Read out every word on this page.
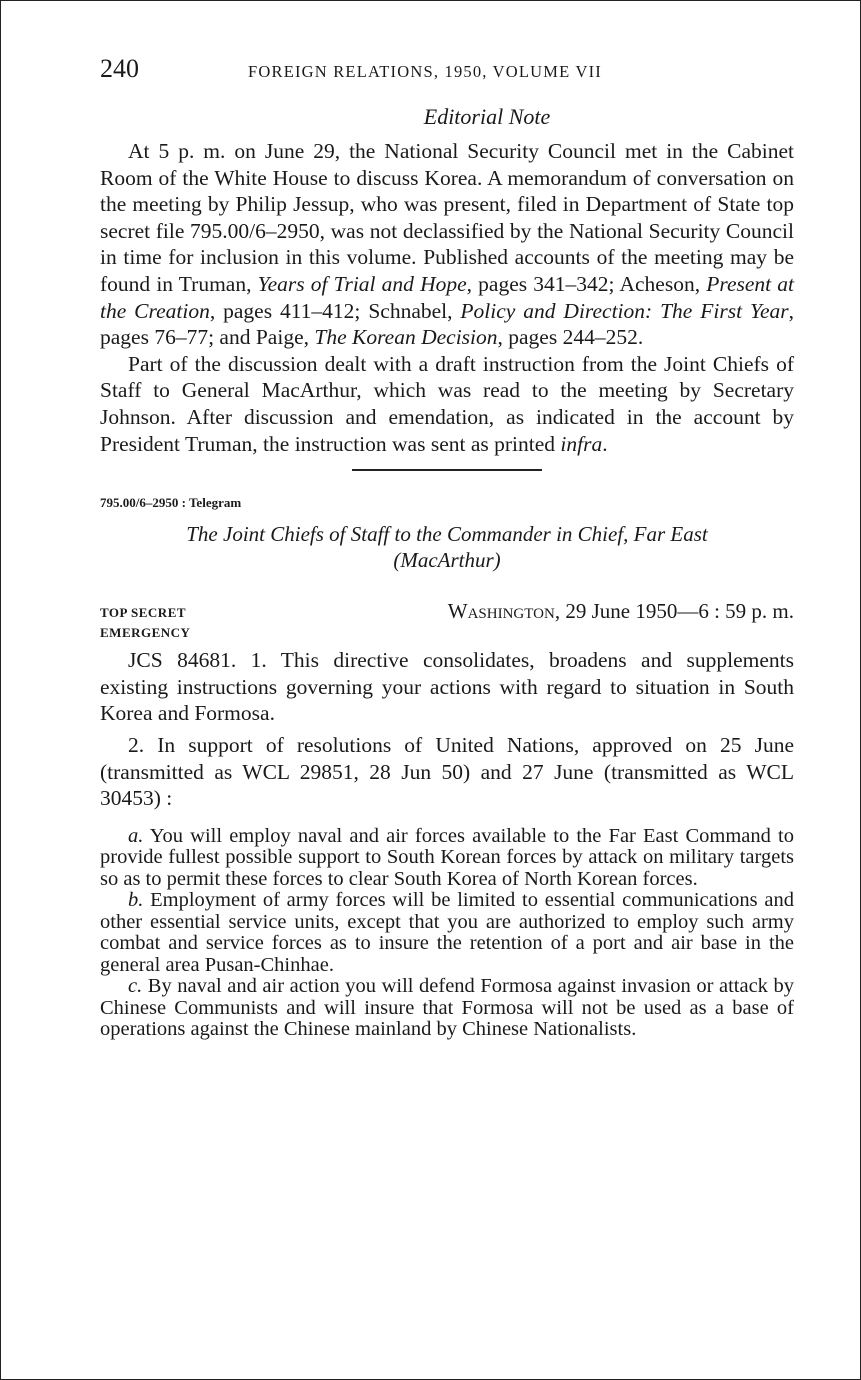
240	FOREIGN RELATIONS, 1950, VOLUME VII
Editorial Note

At 5 p. m. on June 29, the National Security Council met in the Cabinet Room of the White House to discuss Korea. A memorandum of conversation on the meeting by Philip Jessup, who was present, filed in Department of State top secret file 795.00/6–2950, was not declassified by the National Security Council in time for inclusion in this volume. Published accounts of the meeting may be found in Truman, Years of Trial and Hope, pages 341–342; Acheson, Present at the Creation, pages 411–412; Schnabel, Policy and Direction: The First Year, pages 76–77; and Paige, The Korean Decision, pages 244–252.

Part of the discussion dealt with a draft instruction from the Joint Chiefs of Staff to General MacArthur, which was read to the meeting by Secretary Johnson. After discussion and emendation, as indicated in the account by President Truman, the instruction was sent as printed infra.

795.00/6–2950 : Telegram
The Joint Chiefs of Staff to the Commander in Chief, Far East
(MacArthur)
TOP SECRET	Washington, 29 June 1950—6 : 59 p. m.
EMERGENCY

JCS 84681. 1. This directive consolidates, broadens and supplements existing instructions governing your actions with regard to situation in South Korea and Formosa.

2. In support of resolutions of United Nations, approved on 25 June (transmitted as WCL 29851, 28 Jun 50) and 27 June (transmitted as WCL 30453) :

a. You will employ naval and air forces available to the Far East Command to provide fullest possible support to South Korean forces by attack on military targets so as to permit these forces to clear South Korea of North Korean forces.

b. Employment of army forces will be limited to essential communications and other essential service units, except that you are authorized to employ such army combat and service forces as to insure the retention of a port and air base in the general area Pusan-Chinhae.

c. By naval and air action you will defend Formosa against invasion or attack by Chinese Communists and will insure that Formosa will not be used as a base of operations against the Chinese mainland by Chinese Nationalists.
